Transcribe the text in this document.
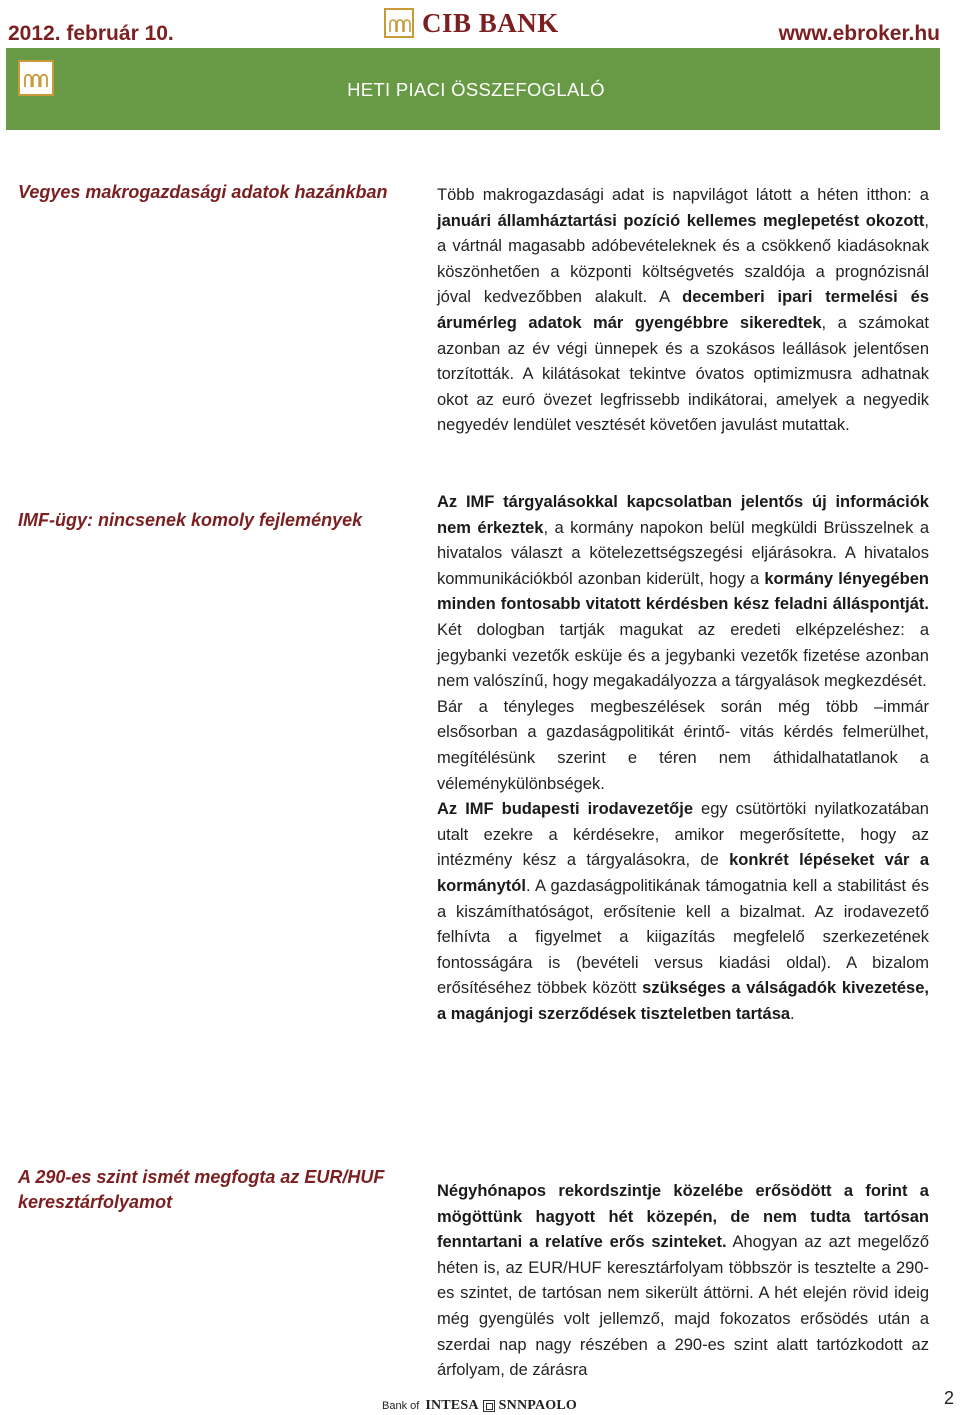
2012. február 10.	CIB BANK	www.ebroker.hu
HETI PIACI ÖSSZEFOGLALÓ
Vegyes makrogazdasági adatok hazánkban	Több makrogazdasági adat is napvilágot látott a héten itthon: a januári államháztartási pozíció kellemes meglepetést okozott, a vártnál magasabb adóbevételeknek és a csökkenő kiadásoknak köszönhetően a központi költségvetés szaldója a prognózisnál jóval kedvezőbben alakult. A decemberi ipari termelési és árumérleg adatok már gyengébbre sikeredtek, a számokat azonban az év végi ünnepek és a szokásos leállások jelentősen torzították. A kilátásokat tekintve óvatos optimizmusra adhatnak okot az euró övezet legfrissebb indikátorai, amelyek a negyedik negyedév lendület vesztését követően javulást mutattak.

IMF-ügy: nincsenek komoly fejlemények

Az IMF tárgyalásokkal kapcsolatban jelentős új információk nem érkeztek, a kormány napokon belül megküldi Brüsszelnek a hivatalos választ a kötelezettségszegési eljárásokra. A hivatalos kommunikációkból azonban kiderült, hogy a kormány lényegében minden fontosabb vitatott kérdésben kész feladni álláspontját. Két dologban tartják magukat az eredeti elképzeléshez: a jegybanki vezetők esküje és a jegybanki vezetők fizetése azonban nem valószínű, hogy megakadályozza a tárgyalások megkezdését.

Bár a tényleges megbeszélések során még több –immár elsősorban a gazdaságpolitikát érintő- vitás kérdés felmerülhet, megítélésünk szerint e téren nem áthidalhatatlanok a véleménykülönbségek.

Az IMF budapesti irodavezetője egy csütörtöki nyilatkozatában utalt ezekre a kérdésekre, amikor megerősítette, hogy az intézmény kész a tárgyalásokra, de konkrét lépéseket vár a kormánytól. A gazdaságpolitikának támogatnia kell a stabilitást és a kiszámíthatóságot, erősítenie kell a bizalmat. Az irodavezető felhívta a figyelmet a kiigazítás megfelelő szerkezetének fontosságára is (bevételi versus kiadási oldal). A bizalom erősítéséhez többek között szükséges a válságadók kivezetése, a magánjogi szerződések tiszteletben tartása.

A 290-es szint ismét megfogta az EUR/HUF keresztárfolyamot

Négyhónapos rekordszintje közelébe erősödött a forint a mögöttünk hagyott hét közepén, de nem tudta tartósan fenntartani a relatíve erős szinteket. Ahogyan az azt megelőző héten is, az EUR/HUF keresztárfolyam többször is tesztelte a 290-es szintet, de tartósan nem sikerült áttörni. A hét elején rövid ideig még gyengülés volt jellemző, majd fokozatos erősödés után a szerdai nap nagy részében a 290-es szint alatt tartózkodott az árfolyam, de zárásra

Bank of INTESA SNNPAOLO	2
